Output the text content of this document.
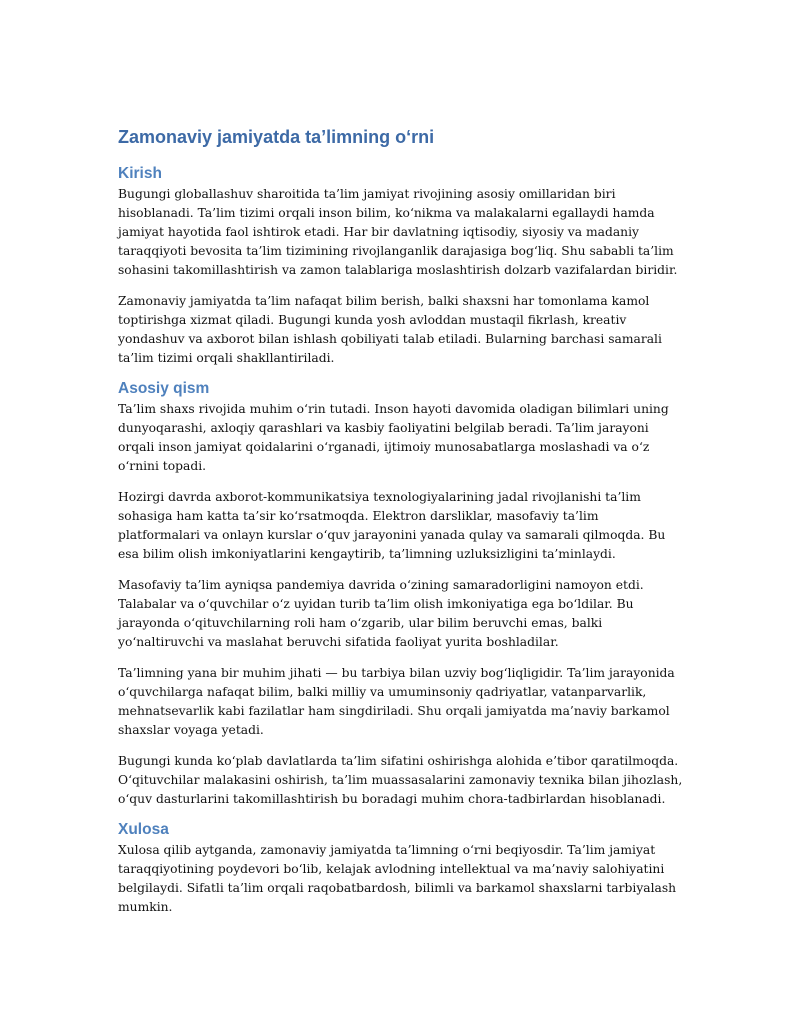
Zamonaviy jamiyatda ta’limning o‘rni
Kirish

Bugungi globallashuv sharoitida ta’lim jamiyat rivojining asosiy omillaridan biri hisoblanadi. Ta’lim tizimi orqali inson bilim, ko‘nikma va malakalarni egallaydi hamda jamiyat hayotida faol ishtirok etadi. Har bir davlatning iqtisodiy, siyosiy va madaniy taraqqiyoti bevosita ta’lim tizimining rivojlanganlik darajasiga bog‘liq. Shu sababli ta’lim sohasini takomillashtirish va zamon talablariga moslashtirish dolzarb vazifalardan biridir.

Zamonaviy jamiyatda ta’lim nafaqat bilim berish, balki shaxsni har tomonlama kamol toptirishga xizmat qiladi. Bugungi kunda yosh avloddan mustaqil fikrlash, kreativ yondashuv va axborot bilan ishlash qobiliyati talab etiladi. Bularning barchasi samarali ta’lim tizimi orqali shakllantiriladi.

Asosiy qism

Ta’lim shaxs rivojida muhim o‘rin tutadi. Inson hayoti davomida oladigan bilimlari uning dunyoqarashi, axloqiy qarashlari va kasbiy faoliyatini belgilab beradi. Ta’lim jarayoni orqali inson jamiyat qoidalarini o‘rganadi, ijtimoiy munosabatlarga moslashadi va o‘z o‘rnini topadi.

Hozirgi davrda axborot-kommunikatsiya texnologiyalarining jadal rivojlanishi ta’lim sohasiga ham katta ta’sir ko‘rsatmoqda. Elektron darsliklar, masofaviy ta’lim platformalari va onlayn kurslar o‘quv jarayonini yanada qulay va samarali qilmoqda. Bu esa bilim olish imkoniyatlarini kengaytirib, ta’limning uzluksizligini ta’minlaydi.

Masofaviy ta’lim ayniqsa pandemiya davrida o‘zining samaradorligini namoyon etdi. Talabalar va o‘quvchilar o‘z uyidan turib ta’lim olish imkoniyatiga ega bo‘ldilar. Bu jarayonda o‘qituvchilarning roli ham o‘zgarib, ular bilim beruvchi emas, balki yo‘naltiruvchi va maslahat beruvchi sifatida faoliyat yurita boshladilar.

Ta’limning yana bir muhim jihati — bu tarbiya bilan uzviy bog‘liqligidir. Ta’lim jarayonida o‘quvchilarga nafaqat bilim, balki milliy va umuminsoniy qadriyatlar, vatanparvarlik, mehnatsevarlik kabi fazilatlar ham singdiriladi. Shu orqali jamiyatda ma’naviy barkamol shaxslar voyaga yetadi.

Bugungi kunda ko‘plab davlatlarda ta’lim sifatini oshirishga alohida e’tibor qaratilmoqda. O‘qituvchilar malakasini oshirish, ta’lim muassasalarini zamonaviy texnika bilan jihozlash, o‘quv dasturlarini takomillashtirish bu boradagi muhim chora-tadbirlardan hisoblanadi.

Xulosa

Xulosa qilib aytganda, zamonaviy jamiyatda ta’limning o‘rni beqiyosdir. Ta’lim jamiyat taraqqiyotining poydevori bo‘lib, kelajak avlodning intellektual va ma’naviy salohiyatini belgilaydi. Sifatli ta’lim orqali raqobatbardosh, bilimli va barkamol shaxslarni tarbiyalash mumkin.
